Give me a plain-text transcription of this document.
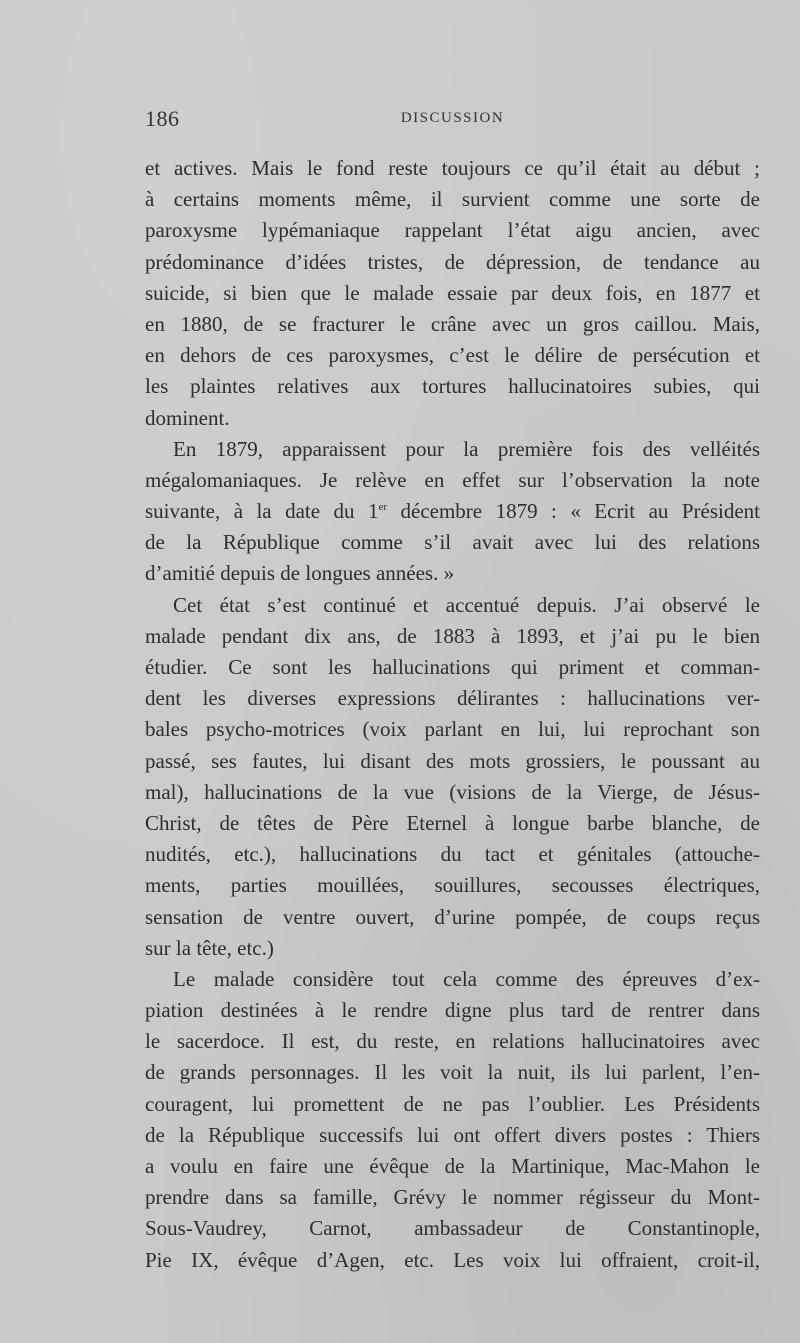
186	DISCUSSION
et actives. Mais le fond reste toujours ce qu’il était au début ;
à certains moments même, il survient comme une sorte de
paroxysme lypémaniaque rappelant l’état aigu ancien, avec
prédominance d’idées tristes, de dépression, de tendance au
suicide, si bien que le malade essaie par deux fois, en 1877 et
en 1880, de se fracturer le crâne avec un gros caillou. Mais,
en dehors de ces paroxysmes, c’est le délire de persécution et
les plaintes relatives aux tortures hallucinatoires subies, qui
dominent.
En 1879, apparaissent pour la première fois des velléités
mégalomaniaques. Je relève en effet sur l’observation la note
suivante, à la date du 1er décembre 1879 : « Ecrit au Président
de la République comme s’il avait avec lui des relations
d’amitié depuis de longues années. »
Cet état s’est continué et accentué depuis. J’ai observé le
malade pendant dix ans, de 1883 à 1893, et j’ai pu le bien
étudier. Ce sont les hallucinations qui priment et comman-
dent les diverses expressions délirantes : hallucinations ver-
bales psycho-motrices (voix parlant en lui, lui reprochant son
passé, ses fautes, lui disant des mots grossiers, le poussant au
mal), hallucinations de la vue (visions de la Vierge, de Jésus-
Christ, de têtes de Père Eternel à longue barbe blanche, de
nudités, etc.), hallucinations du tact et génitales (attouche-
ments, parties mouillées, souillures, secousses électriques,
sensation de ventre ouvert, d’urine pompée, de coups reçus
sur la tête, etc.)
Le malade considère tout cela comme des épreuves d’ex-
piation destinées à le rendre digne plus tard de rentrer dans
le sacerdoce. Il est, du reste, en relations hallucinatoires avec
de grands personnages. Il les voit la nuit, ils lui parlent, l’en-
couragent, lui promettent de ne pas l’oublier. Les Présidents
de la République successifs lui ont offert divers postes : Thiers
a voulu en faire une évêque de la Martinique, Mac-Mahon le
prendre dans sa famille, Grévy le nommer régisseur du Mont-
Sous-Vaudrey, Carnot, ambassadeur de Constantinople,
Pie IX, évêque d’Agen, etc. Les voix lui offraient, croit-il,
